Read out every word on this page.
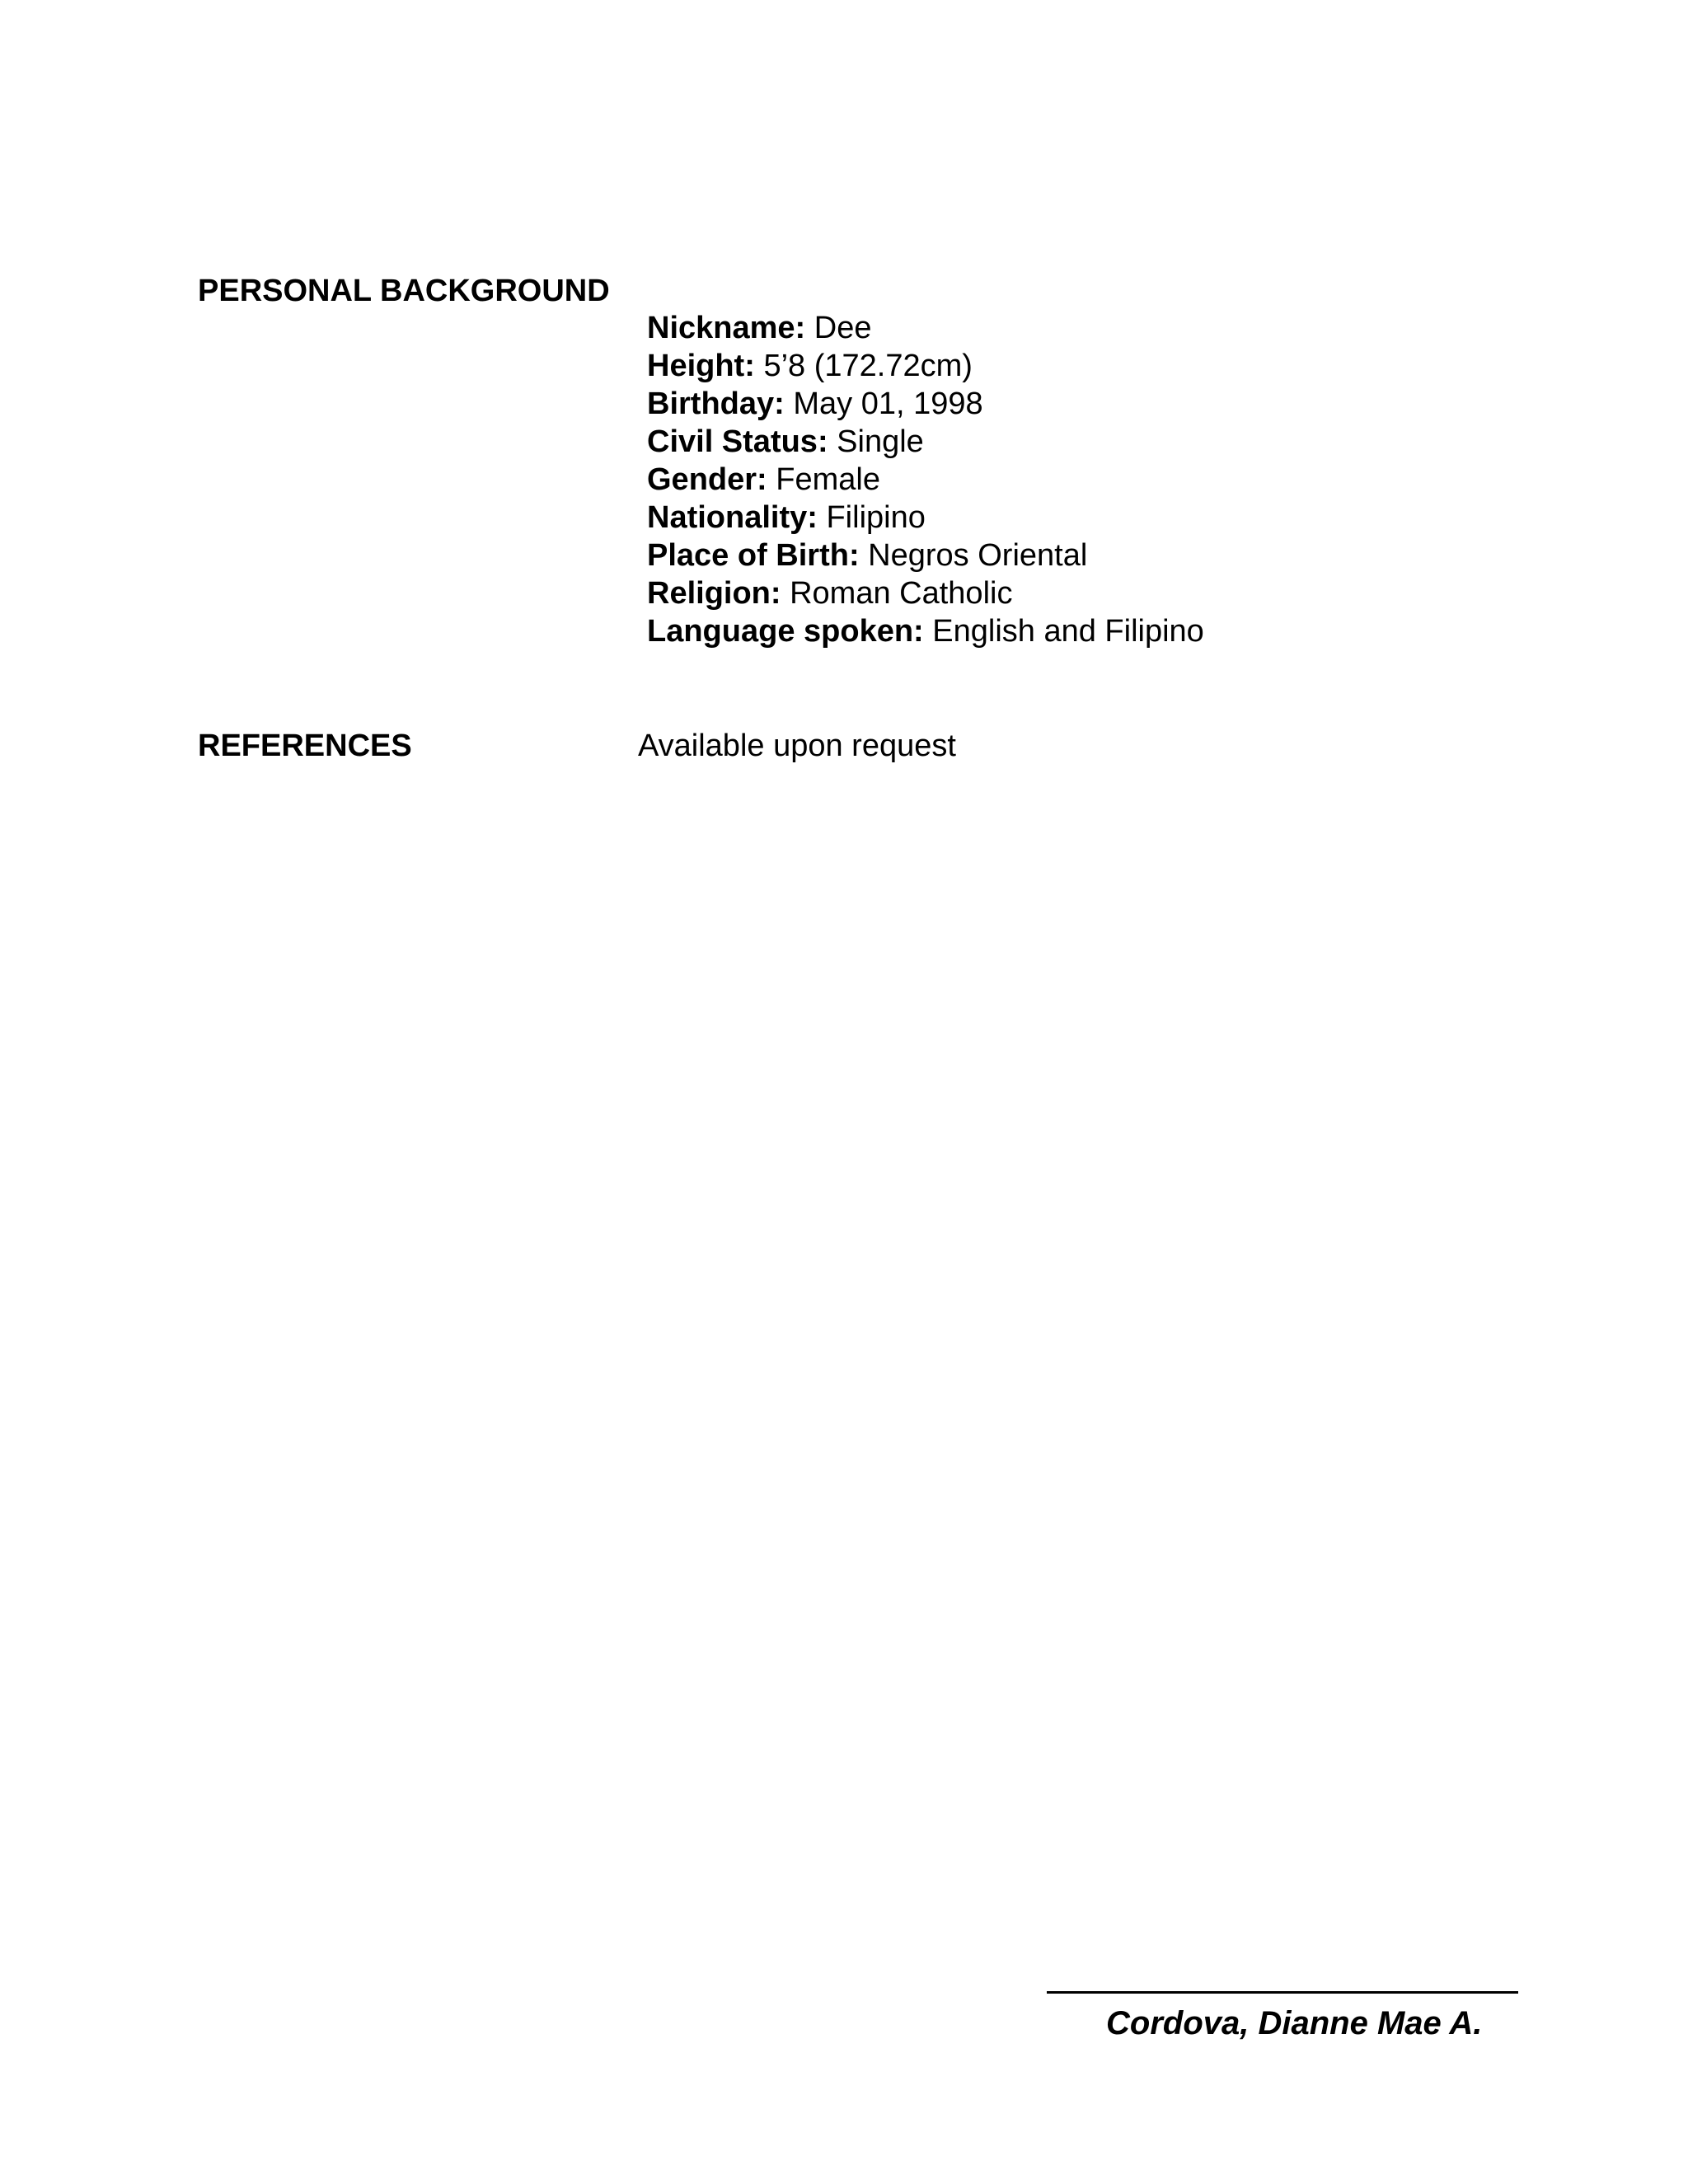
PERSONAL BACKGROUND
Nickname: Dee
Height: 5’8 (172.72cm)
Birthday: May 01, 1998
Civil Status: Single
Gender: Female
Nationality: Filipino
Place of Birth: Negros Oriental
Religion: Roman Catholic
Language spoken: English and Filipino
REFERENCES	Available upon request
Cordova, Dianne Mae A.
